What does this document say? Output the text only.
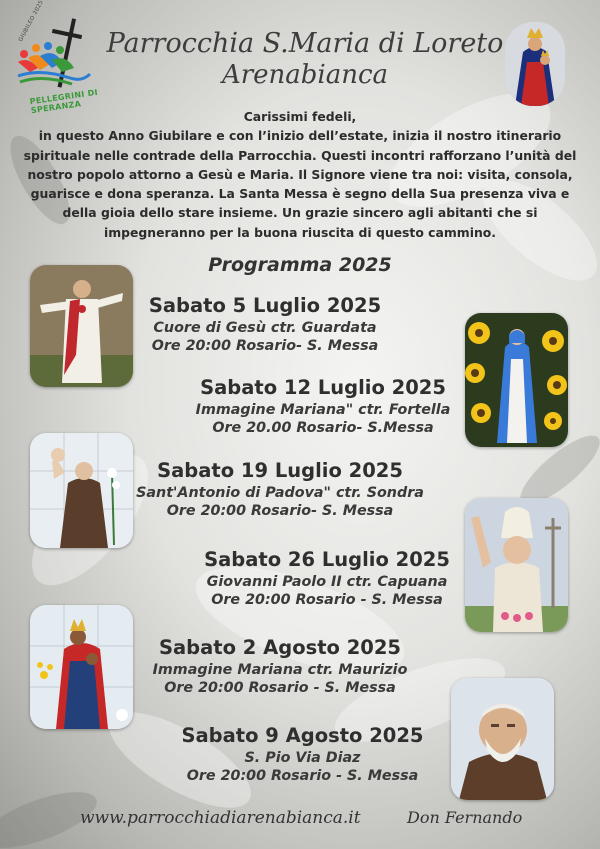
GIUBILEO 2025
PELLEGRINI DI SPERANZA
Parrocchia S.Maria di Loreto
Arenabianca

Carissimi fedeli,

in questo Anno Giubilare e con l’inizio dell’estate, inizia il nostro itinerario

spirituale nelle contrade della Parrocchia. Questi incontri rafforzano l’unità del

nostro popolo attorno a Gesù e Maria. Il Signore viene tra noi: visita, consola,

guarisce e dona speranza. La Santa Messa è segno della Sua presenza viva e

della gioia dello stare insieme. Un grazie sincero agli abitanti che si

impegneranno per la buona riuscita di questo cammino.

Programma 2025
Sabato 5 Luglio 2025
Cuore di Gesù ctr. Guardata
Ore 20:00 Rosario- S. Messa
Sabato 12 Luglio 2025
Immagine Mariana" ctr. Fortella
Ore 20.00 Rosario- S.Messa
Sabato 19 Luglio 2025
Sant'Antonio di Padova" ctr. Sondra
Ore 20:00 Rosario- S. Messa
Sabato 26 Luglio 2025
Giovanni Paolo II ctr. Capuana
Ore 20:00 Rosario - S. Messa
Sabato 2 Agosto 2025
Immagine Mariana ctr. Maurizio
Ore 20:00 Rosario - S. Messa
Sabato 9 Agosto 2025
S. Pio Via Diaz
Ore 20:00 Rosario - S. Messa
www.parrocchiadiarenabianca.it	Don Fernando
